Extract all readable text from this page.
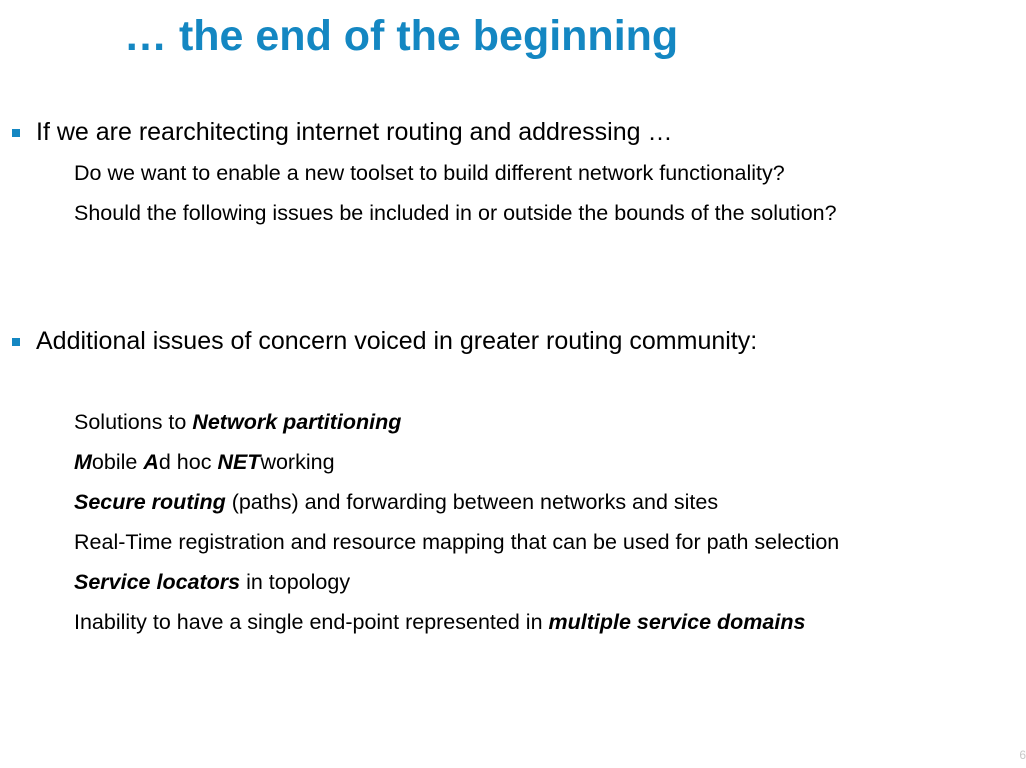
… the end of the beginning
If we are rearchitecting internet routing and addressing …
Do we want to enable a new toolset to build different network functionality?
Should the following issues be included in or outside the bounds of the solution?
Additional issues of concern voiced in greater routing community:
Solutions to Network partitioning
Mobile Ad hoc NETworking
Secure routing (paths) and forwarding between networks and sites
Real-Time registration and resource mapping that can be used for path selection
Service locators in topology
Inability to have a single end-point represented in multiple service domains
6
